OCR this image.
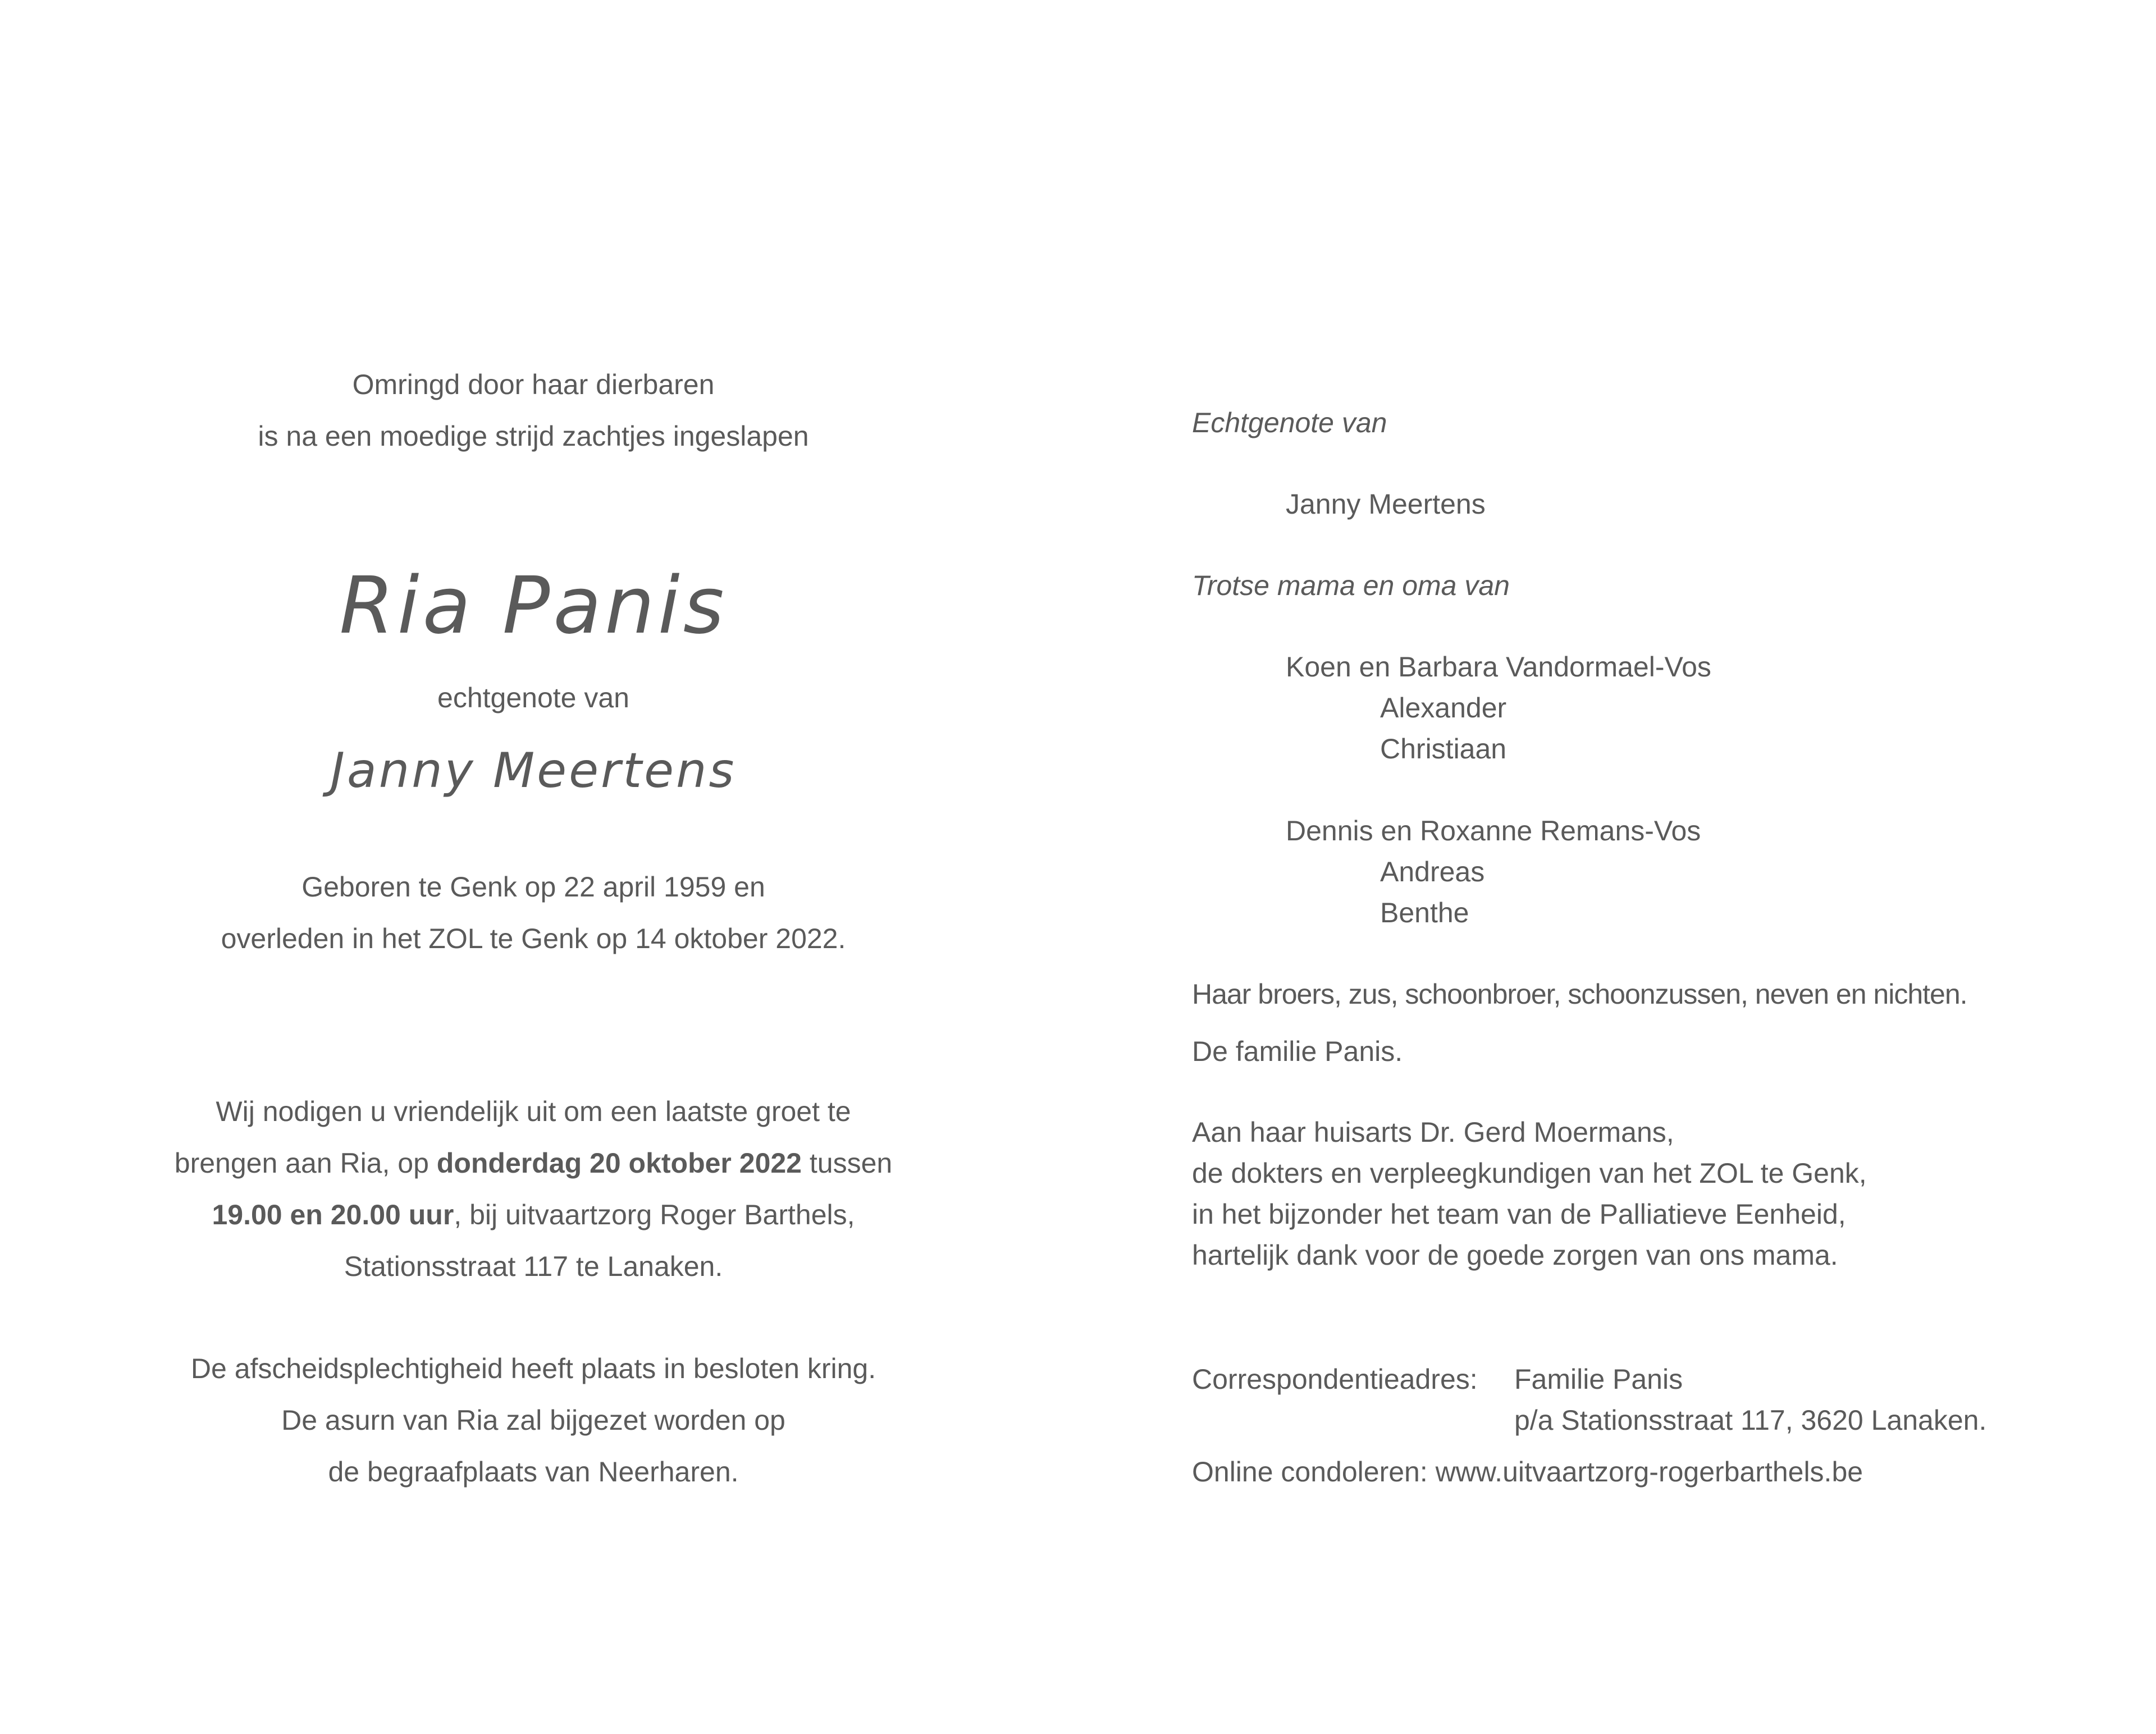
Omringd door haar dierbaren
is na een moedige strijd zachtjes ingeslapen
Ria Panis
echtgenote van
Janny Meertens
Geboren te Genk op 22 april 1959 en
overleden in het ZOL te Genk op 14 oktober 2022.
Wij nodigen u vriendelijk uit om een laatste groet te
brengen aan Ria, op donderdag 20 oktober 2022 tussen
19.00 en 20.00 uur, bij uitvaartzorg Roger Barthels,
Stationsstraat 117 te Lanaken.
De afscheidsplechtigheid heeft plaats in besloten kring.
De asurn van Ria zal bijgezet worden op
de begraafplaats van Neerharen.
Echtgenote van
Janny Meertens
Trotse mama en oma van
Koen en Barbara Vandormael-Vos
Alexander
Christiaan
Dennis en Roxanne Remans-Vos
Andreas
Benthe
Haar broers, zus, schoonbroer, schoonzussen, neven en nichten.
De familie Panis.
Aan haar huisarts Dr. Gerd Moermans,
de dokters en verpleegkundigen van het ZOL te Genk,
in het bijzonder het team van de Palliatieve Eenheid,
hartelijk dank voor de goede zorgen van ons mama.
Correspondentieadres: Familie Panis
p/a Stationsstraat 117, 3620 Lanaken.
Online condoleren: www.uitvaartzorg-rogerbarthels.be
